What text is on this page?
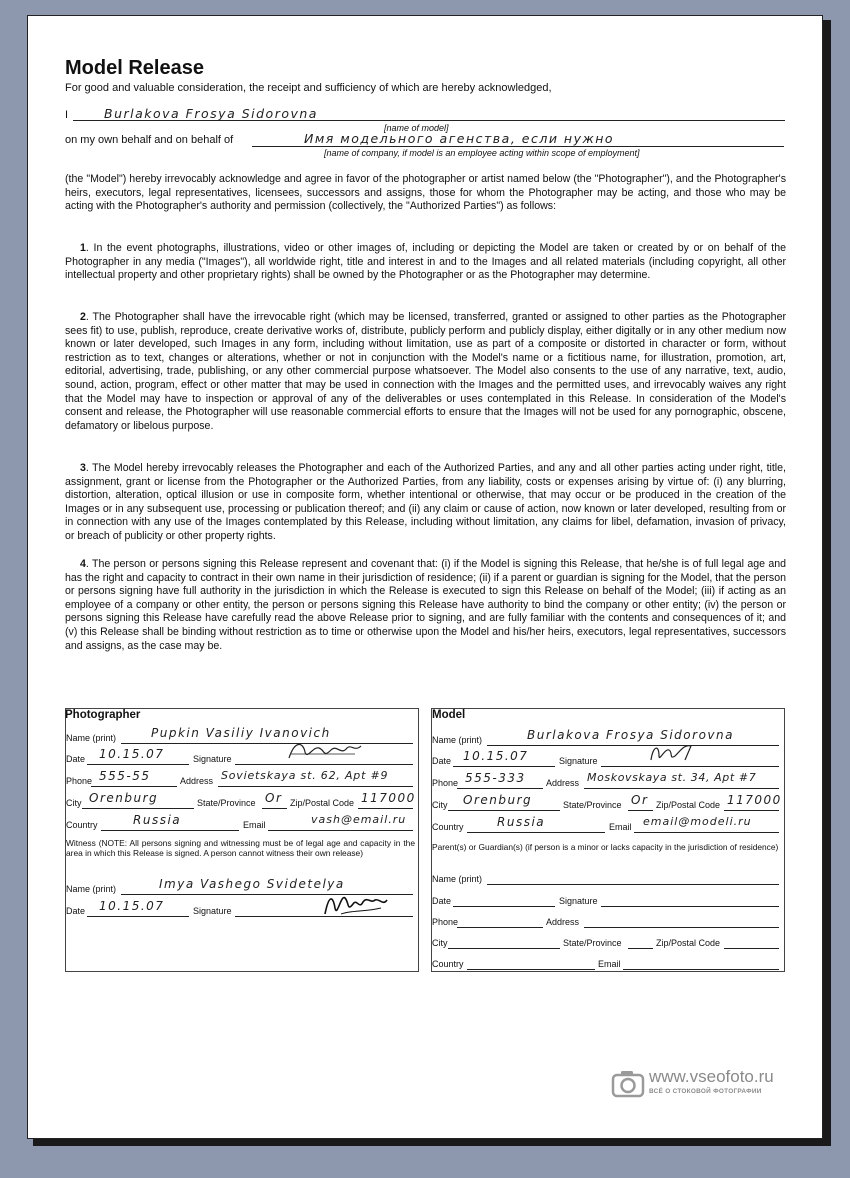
Model Release
For good and valuable consideration, the receipt and sufficiency of which are hereby acknowledged,
I	Burlakova Frosya Sidorovna
[name of model]
on my own behalf and on behalf of	Имя модельного агенства, если нужно
[name of company, if model is an employee acting within scope of employment]

(the "Model") hereby irrevocably acknowledge and agree in favor of the photographer or artist named below (the "Photographer"), and the Photographer's heirs, executors, legal representatives, licensees, successors and assigns, those for whom the Photographer may be acting, and those who may be acting with the Photographer's authority and permission (collectively, the "Authorized Parties") as follows:

1. In the event photographs, illustrations, video or other images of, including or depicting the Model are taken or created by or on behalf of the Photographer in any media ("Images"), all worldwide right, title and interest in and to the Images and all related materials (including copyright, all other intellectual property and other proprietary rights) shall be owned by the Photographer or as the Photographer may determine.

2. The Photographer shall have the irrevocable right (which may be licensed, transferred, granted or assigned to other parties as the Photographer sees fit) to use, publish, reproduce, create derivative works of, distribute, publicly perform and publicly display, either digitally or in any other medium now known or later developed, such Images in any form, including without limitation, use as part of a composite or distorted in character or form, without restriction as to text, changes or alterations, whether or not in conjunction with the Model's name or a fictitious name, for illustration, promotion, art, editorial, advertising, trade, publishing, or any other commercial purpose whatsoever. The Model also consents to the use of any narrative, text, audio, sound, action, program, effect or other matter that may be used in connection with the Images and the permitted uses, and irrevocably waives any right that the Model may have to inspection or approval of any of the deliverables or uses contemplated in this Release. In consideration of the Model's consent and release, the Photographer will use reasonable commercial efforts to ensure that the Images will not be used for any pornographic, obscene, defamatory or libelous purpose.

3. The Model hereby irrevocably releases the Photographer and each of the Authorized Parties, and any and all other parties acting under right, title, assignment, grant or license from the Photographer or the Authorized Parties, from any liability, costs or expenses arising by virtue of: (i) any blurring, distortion, alteration, optical illusion or use in composite form, whether intentional or otherwise, that may occur or be produced in the creation of the Images or in any subsequent use, processing or publication thereof; and (ii) any claim or cause of action, now known or later developed, resulting from or in connection with any use of the Images contemplated by this Release, including without limitation, any claims for libel, defamation, invasion of privacy, or breach of publicity or other property rights.

4. The person or persons signing this Release represent and covenant that: (i) if the Model is signing this Release, that he/she is of full legal age and has the right and capacity to contract in their own name in their jurisdiction of residence; (ii) if a parent or guardian is signing for the Model, that the person or persons signing have full authority in the jurisdiction in which the Release is executed to sign this Release on behalf of the Model; (iii) if acting as an employee of a company or other entity, the person or persons signing this Release have authority to bind the company or other entity; (iv) the person or persons signing this Release have carefully read the above Release prior to signing, and are fully familiar with the contents and consequences of it; and (v) this Release shall be binding without restriction as to time or otherwise upon the Model and his/her heirs, executors, legal representatives, successors and assigns, as the case may be.

Photographer
Name (print)	Pupkin Vasiliy Ivanovich
Date 10.15.07	Signature
Phone 555-55	Address Sovietskaya st. 62, Apt #9
City Orenburg	State/Province Or Zip/Postal Code 117000
Country	Russia	Email	vash@email.ru
Witness (NOTE: All persons signing and witnessing must be of legal age and capacity in the area in which this Release is signed. A person cannot witness their own release)
Name (print)	Imya Vashego Svidetelya
Date 10.15.07	Signature
Model
Name (print)	Burlakova Frosya Sidorovna
Date 10.15.07	Signature
Phone 555-333 Address Moskovskaya st. 34, Apt #7
City Orenburg	State/Province Or Zip/Postal Code 117000
Country	Russia	Email email@modeli.ru
Parent(s) or Guardian(s) (if person is a minor or lacks capacity in the jurisdiction of residence)
Name (print)
Date	Signature
Phone	Address
City	State/Province	Zip/Postal Code
Country	Email
www.vseofoto.ru
ВСЁ О СТОКОВОЙ ФОТОГРАФИИ
